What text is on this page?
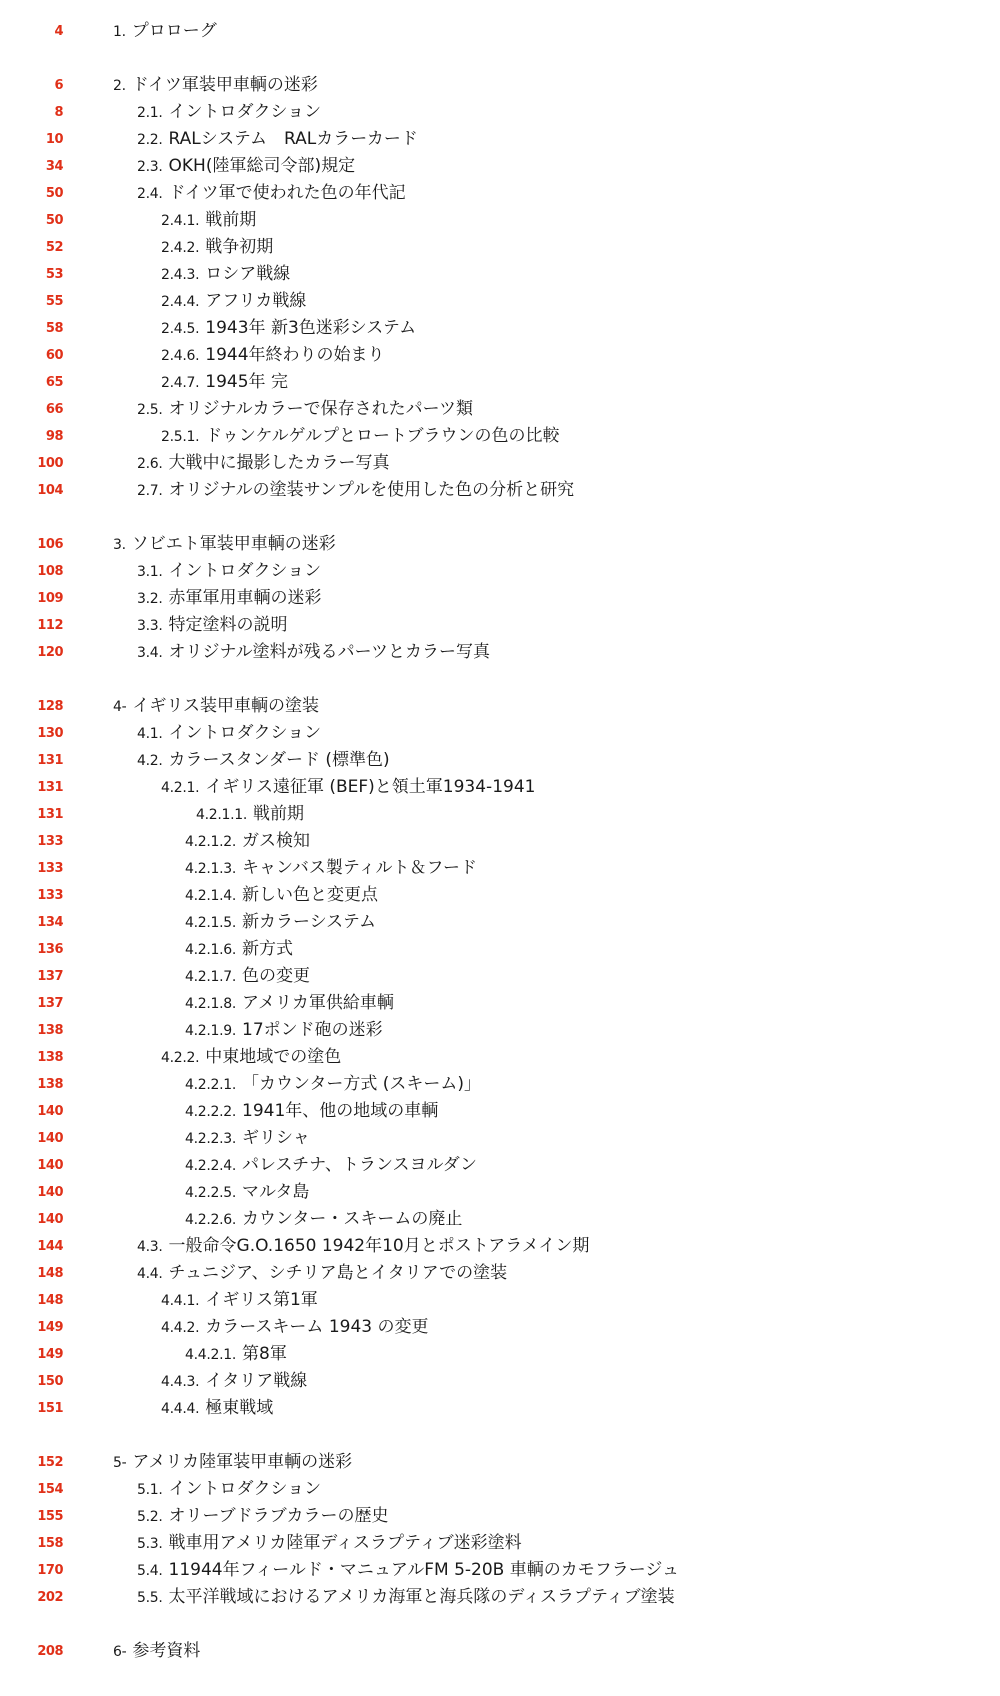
4	1. プロローグ
6	2. ドイツ軍装甲車輌の迷彩
8	2.1. イントロダクション
10	2.2. RALシステム　RALカラーカード
34	2.3. OKH(陸軍総司令部)規定
50	2.4. ドイツ軍で使われた色の年代記
50	2.4.1. 戦前期
52	2.4.2. 戦争初期
53	2.4.3. ロシア戦線
55	2.4.4. アフリカ戦線
58	2.4.5. 1943年 新3色迷彩システム
60	2.4.6. 1944年終わりの始まり
65	2.4.7. 1945年 完
66	2.5. オリジナルカラーで保存されたパーツ類
98	2.5.1. ドゥンケルゲルプとロートブラウンの色の比較
100	2.6. 大戦中に撮影したカラー写真
104	2.7. オリジナルの塗装サンプルを使用した色の分析と研究
106	3. ソビエト軍装甲車輌の迷彩
108	3.1. イントロダクション
109	3.2. 赤軍軍用車輌の迷彩
112	3.3. 特定塗料の説明
120	3.4. オリジナル塗料が残るパーツとカラー写真
128	4- イギリス装甲車輌の塗装
130	4.1. イントロダクション
131	4.2. カラースタンダード (標準色)
131	4.2.1. イギリス遠征軍 (BEF)と領土軍1934-1941
131	4.2.1.1. 戦前期
133	4.2.1.2. ガス検知
133	4.2.1.3. キャンバス製ティルト＆フード
133	4.2.1.4. 新しい色と変更点
134	4.2.1.5. 新カラーシステム
136	4.2.1.6. 新方式
137	4.2.1.7. 色の変更
137	4.2.1.8. アメリカ軍供給車輌
138	4.2.1.9. 17ポンド砲の迷彩
138	4.2.2. 中東地域での塗色
138	4.2.2.1. 「カウンター方式 (スキーム)」
140	4.2.2.2. 1941年、他の地域の車輌
140	4.2.2.3. ギリシャ
140	4.2.2.4. パレスチナ、トランスヨルダン
140	4.2.2.5. マルタ島
140	4.2.2.6. カウンター・スキームの廃止
144	4.3. 一般命令G.O.1650 1942年10月とポストアラメイン期
148	4.4. チュニジア、シチリア島とイタリアでの塗装
148	4.4.1. イギリス第1軍
149	4.4.2. カラースキーム 1943 の変更
149	4.4.2.1. 第8軍
150	4.4.3. イタリア戦線
151	4.4.4. 極東戦域
152	5- アメリカ陸軍装甲車輌の迷彩
154	5.1. イントロダクション
155	5.2. オリーブドラブカラーの歴史
158	5.3. 戦車用アメリカ陸軍ディスラプティブ迷彩塗料
170	5.4. 11944年フィールド・マニュアルFM 5-20B 車輌のカモフラージュ
202	5.5. 太平洋戦域におけるアメリカ海軍と海兵隊のディスラプティブ塗装
208	6- 参考資料
